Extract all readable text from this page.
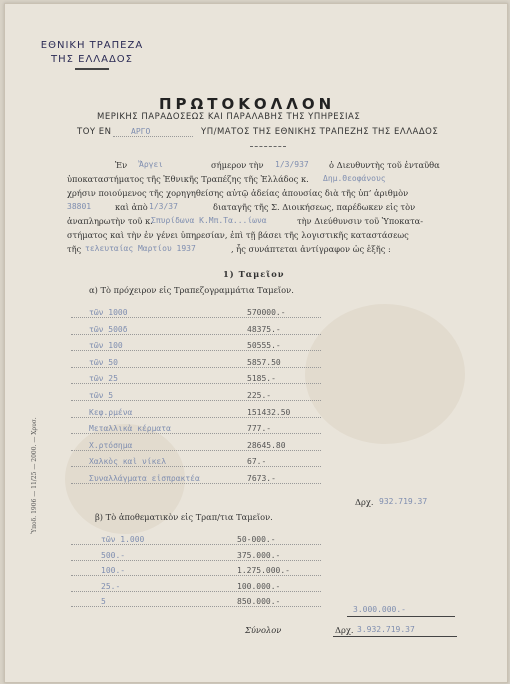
ΕΘΝΙΚΗ ΤΡΑΠΕΖΑ
ΤΗΣ ΕΛΛΑΔΟΣ
ΠΡΩΤΟΚΟΛΛΟΝ
ΜΕΡΙΚΗΣ ΠΑΡΑΔΟΣΕΩΣ ΚΑΙ ΠΑΡΑΛΑΒΗΣ ΤΗΣ ΥΠΗΡΕΣΙΑΣ
ΤΟΥ ΕΝ ΑΡΓΟ	ΥΠ/ΜΑΤΟΣ ΤΗΣ ΕΘΝΙΚΗΣ ΤΡΑΠΕΖΗΣ ΤΗΣ ΕΛΛΑΔΟΣ
Ἐν Ἄργει	σήμερον τὴν 1/3/937 ὁ Διευθυντὴς τοῦ ἐνταῦθα
ὑποκαταστήματος τῆς Ἐθνικῆς Τραπέζης τῆς Ἑλλάδος κ. Δημ.Θεοφάνους
χρήσιν ποιούμενος τῆς χορηγηθείσης αὐτῷ ἀδείας ἀπουσίας διὰ τῆς ὑπ’ ἀριθμὸν
38801	καὶ ἀπὸ 1/3/37	διαταγῆς τῆς Σ. Διοικήσεως, παρέδωκεν εἰς τὸν
ἀναπληρωτὴν τοῦ κ.
Σπυρίδωνα Κ.Μπ.Τα...ίωνα	τὴν Διεύθυνσιν τοῦ Ὑποκατα-
στήματος καὶ τὴν ἐν γένει ὑπηρεσίαν, ἐπὶ τῇ βάσει τῆς λογιστικῆς καταστάσεως
τῆς τελευταίας Μαρτίου 1937	, ἧς συνάπτεται ἀντίγραφον ὡς ἑξῆς :
1) Ταμεῖον
α) Τὸ πρόχειρον εἰς Τραπεζογραμμάτια Ταμεῖον.
τῶν 1000	570000.-
τῶν 500δ	48375.-
τῶν 100	50555.-
τῶν 50	5857.50
τῶν 25	5185.-
τῶν 5	225.-
Κεφ.ρμένα	151432.50
Μεταλλικὰ κέρματα	777.-
Χ.ρτόσημα	28645.80
Χαλκὸς καὶ νίκελ	67.-
Συναλλάγματα εἰσπρακτέα	7673.-
Δρχ. 932.719.37
β) Τὸ ἀποθεματικὸν εἰς Τραπ/τια Ταμεῖον.
τῶν 1.000	50-000.-
500.-	375.000.-
100.-	1.275.000.-
25.-	100.000.-
5	850.000.-
3.000.000.-
Σύνολον	Δρχ. 3.932.719.37
Ὑποδ. 1906 — 11/25 — 2000. — Χρυσ.
